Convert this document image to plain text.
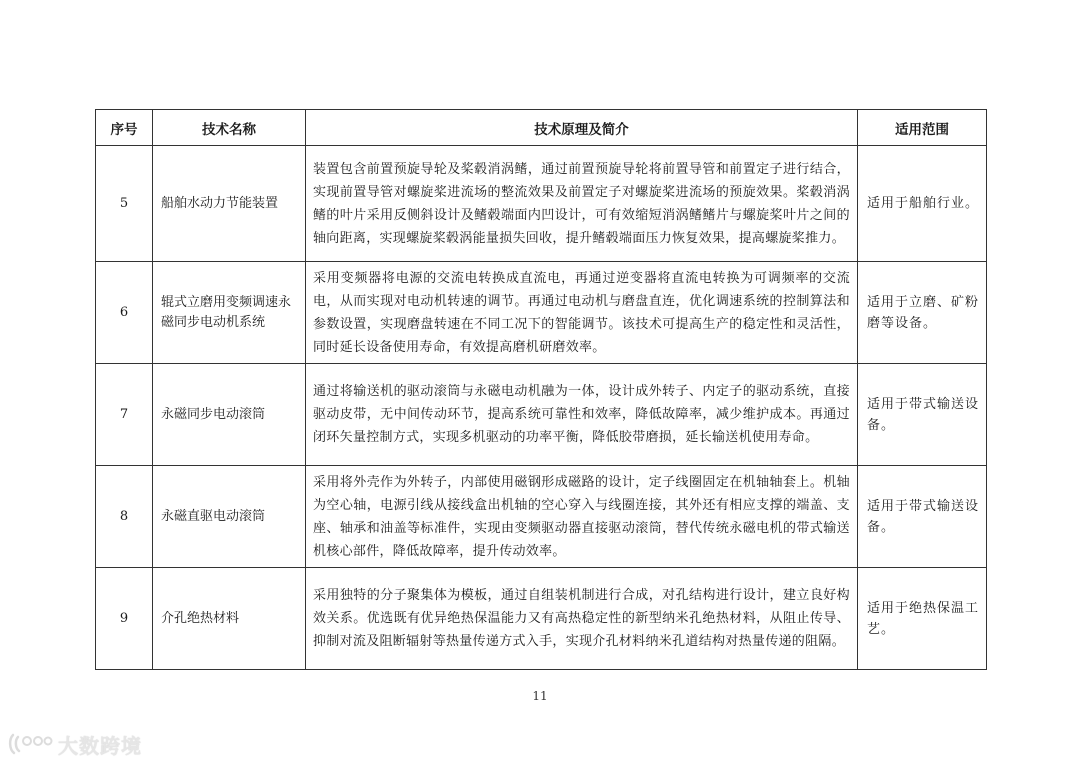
序号	技术名称	技术原理及简介	适用范围
5	船舶水动力节能装置	装置包含前置预旋导轮及桨毂消涡鳍，通过前置预旋导轮将前置导管和前置定子进行结合，实现前置导管对螺旋桨进流场的整流效果及前置定子对螺旋桨进流场的预旋效果。桨毂消涡鳍的叶片采用反侧斜设计及鳍毂端面内凹设计，可有效缩短消涡鳍鳍片与螺旋桨叶片之间的轴向距离，实现螺旋桨毂涡能量损失回收，提升鳍毂端面压力恢复效果，提高螺旋桨推力。	适用于船舶行业。
6	辊式立磨用变频调速永磁同步电动机系统	采用变频器将电源的交流电转换成直流电，再通过逆变器将直流电转换为可调频率的交流电，从而实现对电动机转速的调节。再通过电动机与磨盘直连，优化调速系统的控制算法和参数设置，实现磨盘转速在不同工况下的智能调节。该技术可提高生产的稳定性和灵活性，同时延长设备使用寿命，有效提高磨机研磨效率。	适用于立磨、矿粉磨等设备。
7	永磁同步电动滚筒	通过将输送机的驱动滚筒与永磁电动机融为一体，设计成外转子、内定子的驱动系统，直接驱动皮带，无中间传动环节，提高系统可靠性和效率，降低故障率，减少维护成本。再通过闭环矢量控制方式，实现多机驱动的功率平衡，降低胶带磨损，延长输送机使用寿命。	适用于带式输送设备。
8	永磁直驱电动滚筒	采用将外壳作为外转子，内部使用磁钢形成磁路的设计，定子线圈固定在机轴轴套上。机轴为空心轴，电源引线从接线盒出机轴的空心穿入与线圈连接，其外还有相应支撑的端盖、支座、轴承和油盖等标准件，实现由变频驱动器直接驱动滚筒，替代传统永磁电机的带式输送机核心部件，降低故障率，提升传动效率。	适用于带式输送设备。
9	介孔绝热材料	采用独特的分子聚集体为模板，通过自组装机制进行合成，对孔结构进行设计，建立良好构效关系。优选既有优异绝热保温能力又有高热稳定性的新型纳米孔绝热材料，从阻止传导、抑制对流及阻断辐射等热量传递方式入手，实现介孔材料纳米孔道结构对热量传递的阻隔。	适用于绝热保温工艺。
11
大数跨境
